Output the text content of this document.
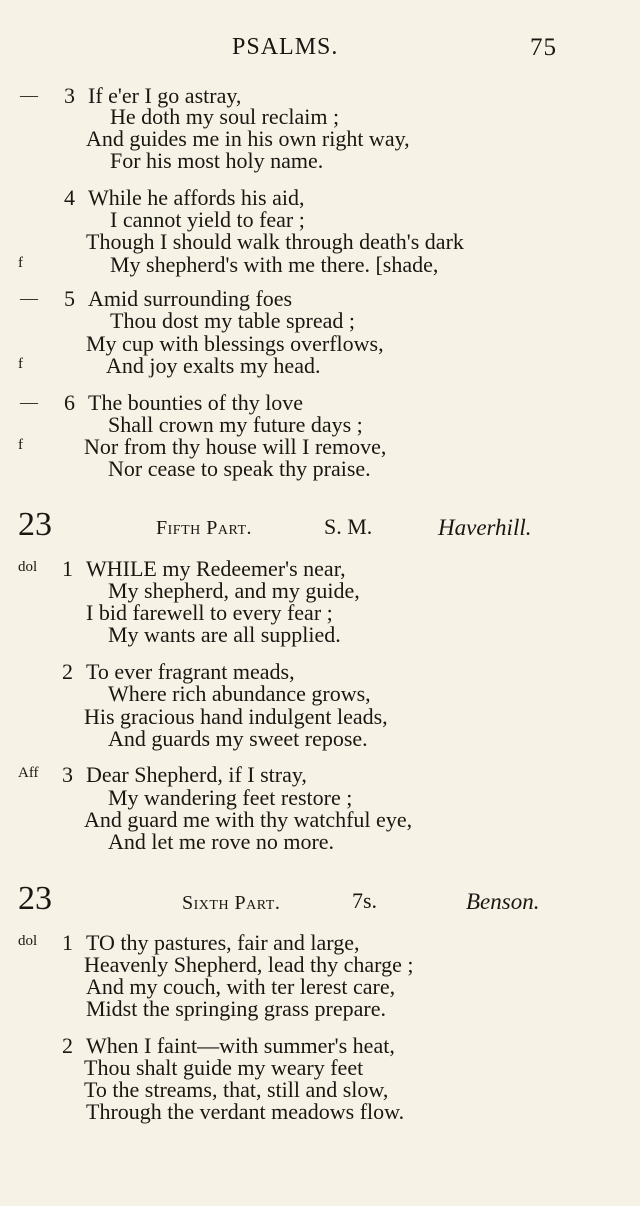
PSALMS.	75
— 3 If e'er I go astray,
He doth my soul reclaim ;
And guides me in his own right way,
For his most holy name.
4 While he affords his aid,
I cannot yield to fear ;
Though I should walk through death's dark
f	My shepherd's with me there. [shade,
— 5 Amid surrounding foes
Thou dost my table spread ;
My cup with blessings overflows,
f	And joy exalts my head.
— 6 The bounties of thy love
Shall crown my future days ;
f	Nor from thy house will I remove,
Nor cease to speak thy praise.
23	Fifth Part.	S. M.	Haverhill.
dol 1 WHILE my Redeemer's near,
My shepherd, and my guide,
I bid farewell to every fear ;
My wants are all supplied.
2 To ever fragrant meads,
Where rich abundance grows,
His gracious hand indulgent leads,
And guards my sweet repose.
Aff 3 Dear Shepherd, if I stray,
My wandering feet restore ;
And guard me with thy watchful eye,
And let me rove no more.
23	Sixth Part.	7s.	Benson.
dol 1 TO thy pastures, fair and large,
Heavenly Shepherd, lead thy charge ;
And my couch, with ter lerest care,
Midst the springing grass prepare.
2 When I faint—with summer's heat,
Thou shalt guide my weary feet
To the streams, that, still and slow,
Through the verdant meadows flow.
